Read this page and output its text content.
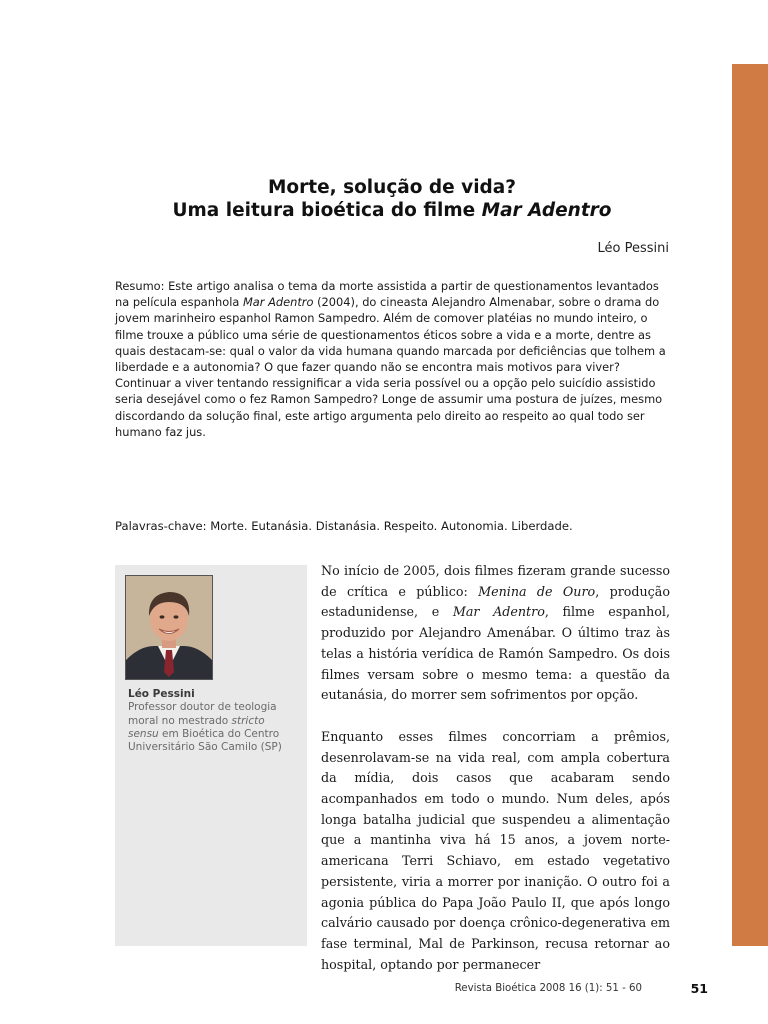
Morte, solução de vida?
Uma leitura bioética do filme Mar Adentro
Léo Pessini

Resumo: Este artigo analisa o tema da morte assistida a partir de questionamentos levantados na película espanhola Mar Adentro (2004), do cineasta Alejandro Almenabar, sobre o drama do jovem marinheiro espanhol Ramon Sampedro. Além de comover platéias no mundo inteiro, o filme trouxe a público uma série de questionamentos éticos sobre a vida e a morte, dentre as quais destacam-se: qual o valor da vida humana quando marcada por deficiências que tolhem a liberdade e a autonomia? O que fazer quando não se encontra mais motivos para viver? Continuar a viver tentando ressignificar a vida seria possível ou a opção pelo suicídio assistido seria desejável como o fez Ramon Sampedro? Longe de assumir uma postura de juízes, mesmo discordando da solução final, este artigo argumenta pelo direito ao respeito ao qual todo ser humano faz jus.

Palavras-chave: Morte. Eutanásia. Distanásia. Respeito. Autonomia. Liberdade.

Léo Pessini
Professor doutor de teologia moral no mestrado stricto sensu em Bioética do Centro Universitário São Camilo (SP)

No início de 2005, dois filmes fizeram grande sucesso de crítica e público: Menina de Ouro, produção estadunidense, e Mar Adentro, filme espanhol, produzido por Alejandro Amenábar. O último traz às telas a história verídica de Ramón Sampedro. Os dois filmes versam sobre o mesmo tema: a questão da eutanásia, do morrer sem sofrimentos por opção.

Enquanto esses filmes concorriam a prêmios, desenrolavam-se na vida real, com ampla cobertura da mídia, dois casos que acabaram sendo acompanhados em todo o mundo. Num deles, após longa batalha judicial que suspendeu a alimentação que a mantinha viva há 15 anos, a jovem norte-americana Terri Schiavo, em estado vegetativo persistente, viria a morrer por inanição. O outro foi a agonia pública do Papa João Paulo II, que após longo calvário causado por doença crônico-degenerativa em fase terminal, Mal de Parkinson, recusa retornar ao hospital, optando por permanecer

Revista Bioética 2008 16 (1): 51 - 60	51
